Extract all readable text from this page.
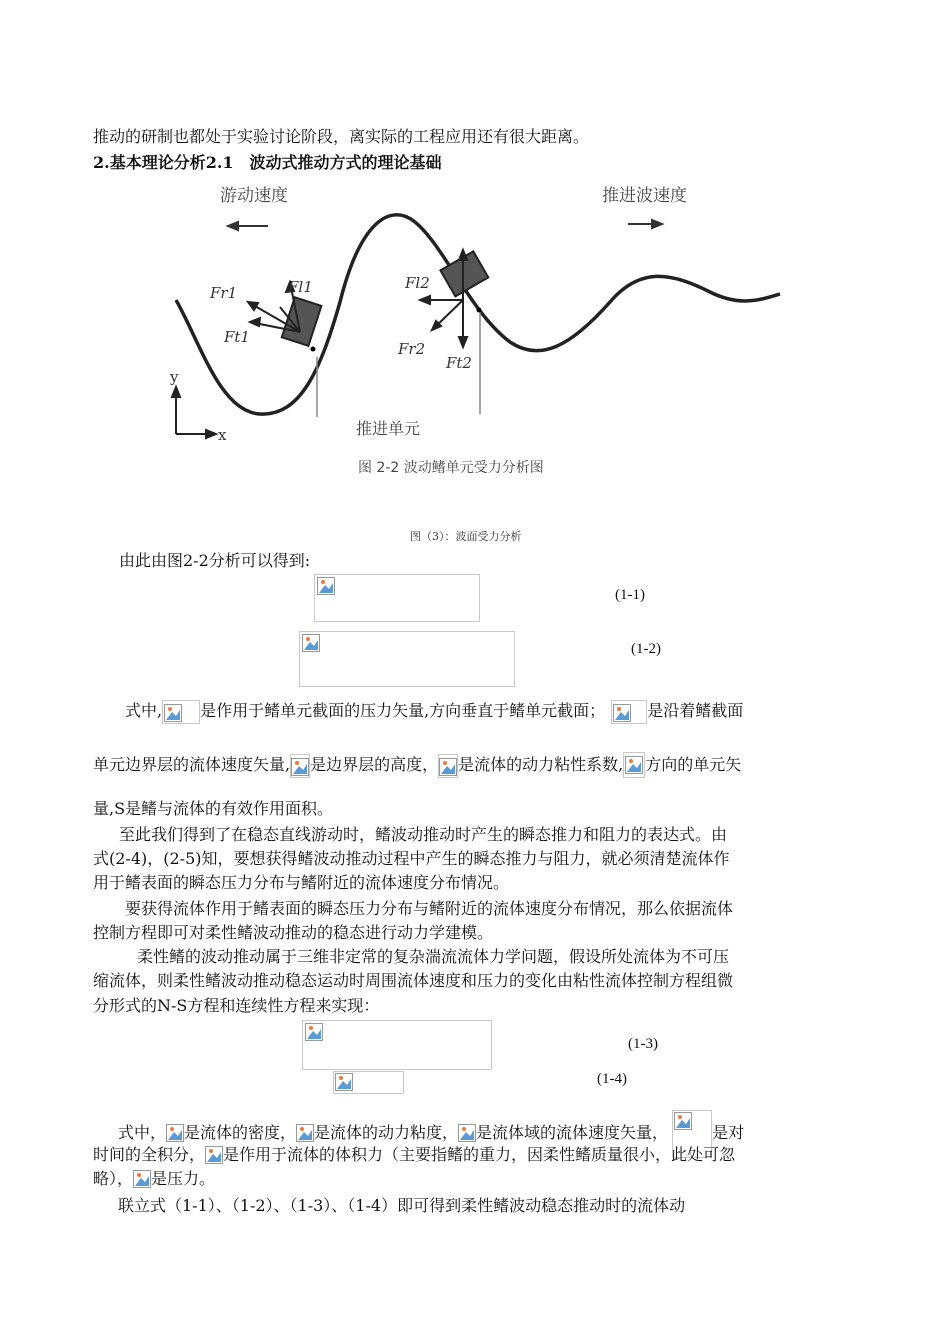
推动的研制也都处于实验讨论阶段，离实际的工程应用还有很大距离。
2.基本理论分析2.1　波动式推动方式的理论基础
游动速度	推进波速度
Fr1	Fl1
Ft1
Fl2
Fr2
Ft2
y
x	推进单元
图 2-2 波动鳍单元受力分析图
图（3）：波面受力分析
由此由图2-2分析可以得到:
(1-1)
(1-2)
式中, 是作用于鳍单元截面的压力矢量,方向垂直于鳍单元截面；	是沿着鳍截面
单元边界层的流体速度矢量, 是边界层的高度， 是流体的动力粘性系数, 方向的单元矢
量,S是鳍与流体的有效作用面积。
至此我们得到了在稳态直线游动时，鳍波动推动时产生的瞬态推力和阻力的表达式。由
式(2-4)，(2-5)知，要想获得鳍波动推动过程中产生的瞬态推力与阻力，就必须清楚流体作
用于鳍表面的瞬态压力分布与鳍附近的流体速度分布情况。
要获得流体作用于鳍表面的瞬态压力分布与鳍附近的流体速度分布情况，那么依据流体
控制方程即可对柔性鳍波动推动的稳态进行动力学建模。
柔性鳍的波动推动属于三维非定常的复杂湍流流体力学问题，假设所处流体为不可压
缩流体，则柔性鳍波动推动稳态运动时周围流体速度和压力的变化由粘性流体控制方程组微
分形式的N-S方程和连续性方程来实现：
(1-3)
(1-4)
式中， 是流体的密度， 是流体的动力粘度， 是流体域的流体速度矢量，	是对
时间的全积分， 是作用于流体的体积力（主要指鳍的重力，因柔性鳍质量很小，此处可忽
略）， 是压力。
联立式（1-1）、（1-2）、（1-3）、（1-4）即可得到柔性鳍波动稳态推动时的流体动
